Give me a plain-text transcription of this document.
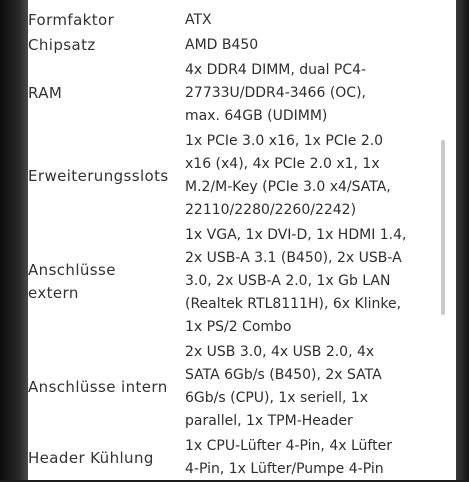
Formfaktor	ATX

Chipsatz	AMD B450

RAM	4x DDR4 DIMM, dual PC4-
27733U/DDR4-3466 (OC),
max. 64GB (UDIMM)

Erweiterungsslots	1x PCIe 3.0 x16, 1x PCIe 2.0
x16 (x4), 4x PCIe 2.0 x1, 1x
M.2/M-Key (PCIe 3.0 x4/SATA,
22110/2280/2260/2242)

Anschlüsse
extern	1x VGA, 1x DVI-D, 1x HDMI 1.4,
2x USB-A 3.1 (B450), 2x USB-A
3.0, 2x USB-A 2.0, 1x Gb LAN
(Realtek RTL8111H), 6x Klinke,
1x PS/2 Combo

Anschlüsse intern	2x USB 3.0, 4x USB 2.0, 4x
SATA 6Gb/s (B450), 2x SATA
6Gb/s (CPU), 1x seriell, 1x
parallel, 1x TPM-Header

Header Kühlung	1x CPU-Lüfter 4-Pin, 4x Lüfter
4-Pin, 1x Lüfter/Pumpe 4-Pin
